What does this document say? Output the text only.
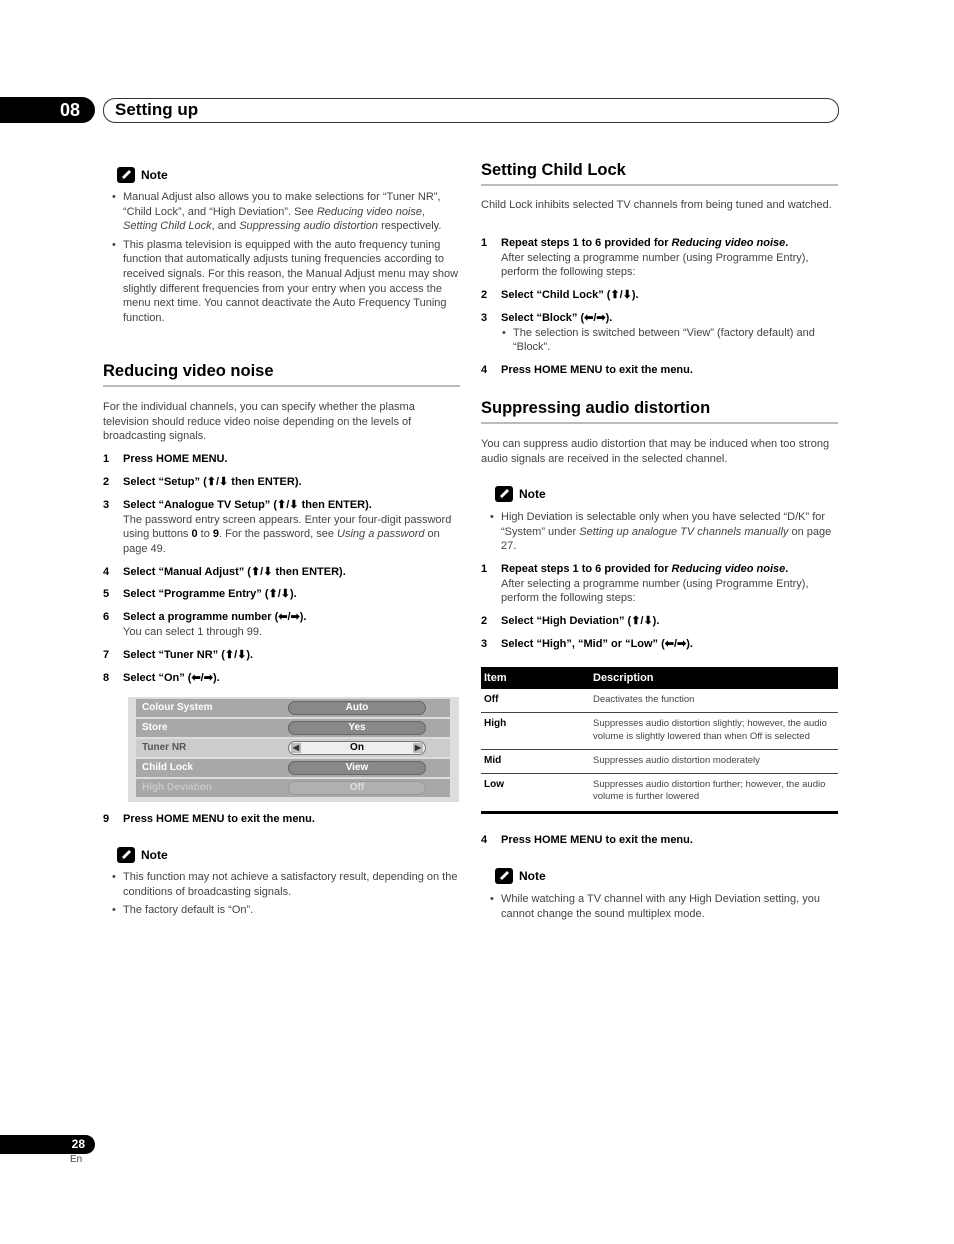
08 Setting up
Note
• Manual Adjust also allows you to make selections for “Tuner NR”, “Child Lock”, and “High Deviation”. See Reducing video noise, Setting Child Lock, and Suppressing audio distortion respectively.
• This plasma television is equipped with the auto frequency tuning function that automatically adjusts tuning frequencies according to received signals. For this reason, the Manual Adjust menu may show slightly different frequencies from your entry when you access the menu next time. You cannot deactivate the Auto Frequency Tuning function.
Reducing video noise
For the individual channels, you can specify whether the plasma television should reduce video noise depending on the levels of broadcasting signals.
1 Press HOME MENU.
2 Select “Setup” (⬆/⬇ then ENTER).
3 Select “Analogue TV Setup” (⬆/⬇ then ENTER).
The password entry screen appears. Enter your four-digit password using buttons 0 to 9. For the password, see Using a password on page 49.
4 Select “Manual Adjust” (⬆/⬇ then ENTER).
5 Select “Programme Entry” (⬆/⬇).
6 Select a programme number (⬅/➡).
You can select 1 through 99.
7 Select “Tuner NR” (⬆/⬇).
8 Select “On” (⬅/➡).
Colour System	Auto
Store	Yes
Tuner NR	◀	On	▶
Child Lock	View
High Deviation	Off
9 Press HOME MENU to exit the menu.
Note
• This function may not achieve a satisfactory result, depending on the conditions of broadcasting signals.
• The factory default is “On”.
Setting Child Lock
Child Lock inhibits selected TV channels from being tuned and watched.
1 Repeat steps 1 to 6 provided for Reducing video noise.
After selecting a programme number (using Programme Entry), perform the following steps:
2 Select “Child Lock” (⬆/⬇).
3 Select “Block” (⬅/➡).
• The selection is switched between “View” (factory default) and “Block”.
4 Press HOME MENU to exit the menu.
Suppressing audio distortion
You can suppress audio distortion that may be induced when too strong audio signals are received in the selected channel.
Note
• High Deviation is selectable only when you have selected “D/K” for “System” under Setting up analogue TV channels manually on page 27.
1 Repeat steps 1 to 6 provided for Reducing video noise.
After selecting a programme number (using Programme Entry), perform the following steps:
2 Select “High Deviation” (⬆/⬇).
3 Select “High”, “Mid” or “Low” (⬅/➡).
Item	Description
Off	Deactivates the function
High	Suppresses audio distortion slightly; however, the audio volume is slightly lowered than when Off is selected
Mid	Suppresses audio distortion moderately
Low	Suppresses audio distortion further; however, the audio volume is further lowered
4 Press HOME MENU to exit the menu.
Note
• While watching a TV channel with any High Deviation setting, you cannot change the sound multiplex mode.
28
En
